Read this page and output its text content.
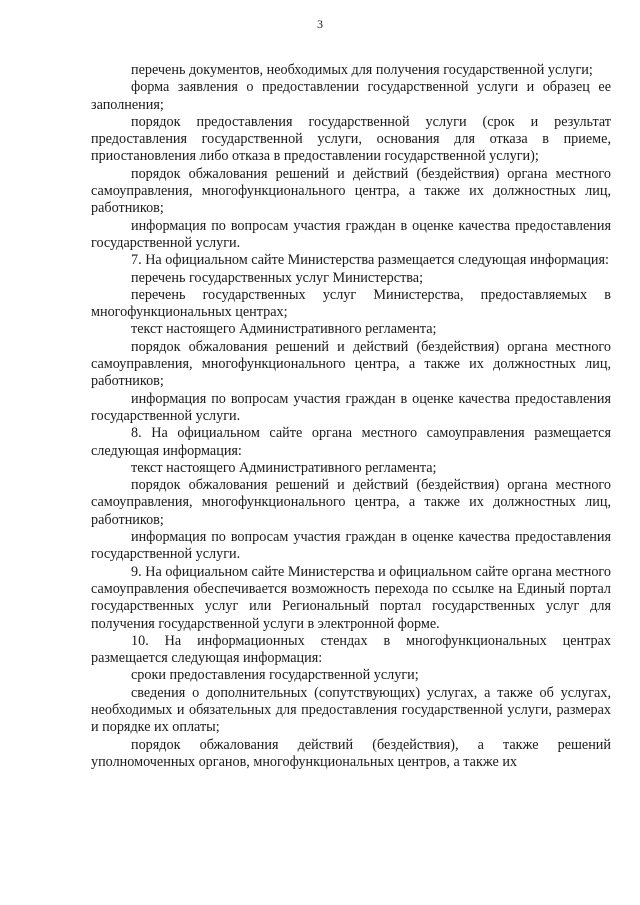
3

перечень документов, необходимых для получения государственной услуги;

форма заявления о предоставлении государственной услуги и образец ее заполнения;

порядок предоставления государственной услуги (срок и результат предоставления государственной услуги, основания для отказа в приеме, приостановления либо отказа в предоставлении государственной услуги);

порядок обжалования решений и действий (бездействия) органа местного самоуправления, многофункционального центра, а также их должностных лиц, работников;

информация по вопросам участия граждан в оценке качества предоставления государственной услуги.

7. На официальном сайте Министерства размещается следующая информация:

перечень государственных услуг Министерства;

перечень государственных услуг Министерства, предоставляемых в многофункциональных центрах;

текст настоящего Административного регламента;

порядок обжалования решений и действий (бездействия) органа местного самоуправления, многофункционального центра, а также их должностных лиц, работников;

информация по вопросам участия граждан в оценке качества предоставления государственной услуги.

8. На официальном сайте органа местного самоуправления размещается следующая информация:

текст настоящего Административного регламента;

порядок обжалования решений и действий (бездействия) органа местного самоуправления, многофункционального центра, а также их должностных лиц, работников;

информация по вопросам участия граждан в оценке качества предоставления государственной услуги.

9. На официальном сайте Министерства и официальном сайте органа местного самоуправления обеспечивается возможность перехода по ссылке на Единый портал государственных услуг или Региональный портал государственных услуг для получения государственной услуги в электронной форме.

10. На информационных стендах в многофункциональных центрах размещается следующая информация:

сроки предоставления государственной услуги;

сведения о дополнительных (сопутствующих) услугах, а также об услугах, необходимых и обязательных для предоставления государственной услуги, размерах и порядке их оплаты;

порядок обжалования действий (бездействия), а также решений уполномоченных органов, многофункциональных центров, а также их
